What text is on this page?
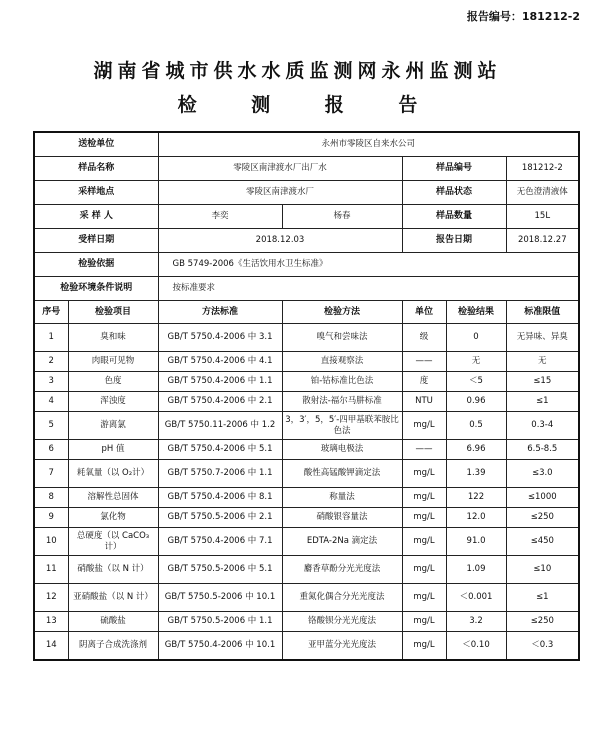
报告编号：181212-2
湖南省城市供水水质监测网永州监测站
检 测 报 告
送检单位		永州市零陵区自来水公司				
样品名称		零陵区南津渡水厂出厂水		样品编号		181212-2
采样地点		零陵区南津渡水厂		样品状态		无色澄清液体
采 样 人		李奕	杨春	样品数量		15L
受样日期		2018.12.03		报告日期		2018.12.27
检验依据		GB 5749-2006《生活饮用水卫生标准》				
检验环境条件说明		按标准要求				
序号	检验项目	方法标准	检验方法	单位	检验结果	标准限值
1	臭和味	GB/T 5750.4-2006 中 3.1	嗅气和尝味法	级	0	无异味、异臭
2	肉眼可见物	GB/T 5750.4-2006 中 4.1	直接观察法	——	无	无
3	色度	GB/T 5750.4-2006 中 1.1	铂-钴标准比色法	度	＜5	≤15
4	浑浊度	GB/T 5750.4-2006 中 2.1	散射法-福尔马肼标准	NTU	0.96	≤1
5	游离氯	GB/T 5750.11-2006 中 1.2	3，3′，5，5′-四甲基联苯胺比色法	mg/L	0.5	0.3-4
6	pH 值	GB/T 5750.4-2006 中 5.1	玻璃电极法	——	6.96	6.5-8.5
7	耗氧量（以 O₂计）	GB/T 5750.7-2006 中 1.1	酸性高锰酸钾滴定法	mg/L	1.39	≤3.0
8	溶解性总固体	GB/T 5750.4-2006 中 8.1	称量法	mg/L	122	≤1000
9	氯化物	GB/T 5750.5-2006 中 2.1	硝酸银容量法	mg/L	12.0	≤250
10	总硬度（以 CaCO₃计）	GB/T 5750.4-2006 中 7.1	EDTA-2Na 滴定法	mg/L	91.0	≤450
11	硝酸盐（以 N 计）	GB/T 5750.5-2006 中 5.1	麝香草酚分光光度法	mg/L	1.09	≤10
12	亚硝酸盐（以 N 计）	GB/T 5750.5-2006 中 10.1	重氮化偶合分光光度法	mg/L	＜0.001	≤1
13	硫酸盐	GB/T 5750.5-2006 中 1.1	铬酸钡分光光度法	mg/L	3.2	≤250
14	阴离子合成洗涤剂	GB/T 5750.4-2006 中 10.1	亚甲蓝分光光度法	mg/L	＜0.10	＜0.3
